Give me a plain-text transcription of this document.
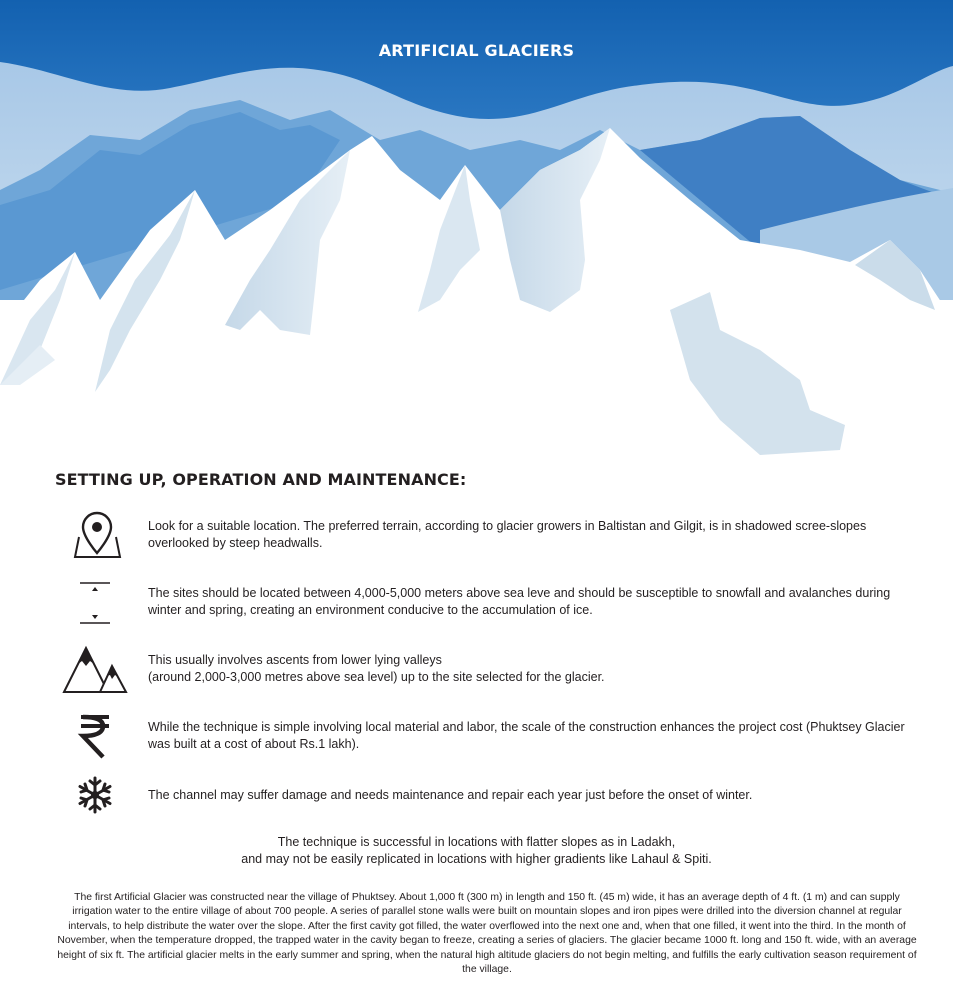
ARTIFICIAL GLACIERS
SETTING UP, OPERATION AND MAINTENANCE:
Look for a suitable location. The preferred terrain, according to glacier growers in Baltistan and Gilgit, is in shadowed scree-slopes overlooked by steep headwalls.
The sites should be located between 4,000-5,000 meters above sea leve and should be susceptible to snowfall and avalanches during winter and spring, creating an environment conducive to the accumulation of ice.
This usually involves ascents from lower lying valleys
(around 2,000-3,000 metres above sea level) up to the site selected for the glacier.
While the technique is simple involving local material and labor, the scale of the construction enhances the project cost (Phuktsey Glacier was built at a cost of about Rs.1 lakh).
The channel may suffer damage and needs maintenance and repair each year just before the onset of winter.
The technique is successful in locations with flatter slopes as in Ladakh,
and may not be easily replicated in locations with higher gradients like Lahaul & Spiti.
The first Artificial Glacier was constructed near the village of Phuktsey. About 1,000 ft (300 m) in length and 150 ft. (45 m) wide, it has an average depth of 4 ft. (1 m) and can supply irrigation water to the entire village of about 700 people. A series of parallel stone walls were built on mountain slopes and iron pipes were drilled into the diversion channel at regular intervals, to help distribute the water over the slope. After the first cavity got filled, the water overflowed into the next one and, when that one filled, it went into the third. In the month of November, when the temperature dropped, the trapped water in the cavity began to freeze, creating a series of glaciers. The glacier became 1000 ft. long and 150 ft. wide, with an average height of six ft. The artificial glacier melts in the early summer and spring, when the natural high altitude glaciers do not begin melting, and fulfills the early cultivation season requirement of the village.
